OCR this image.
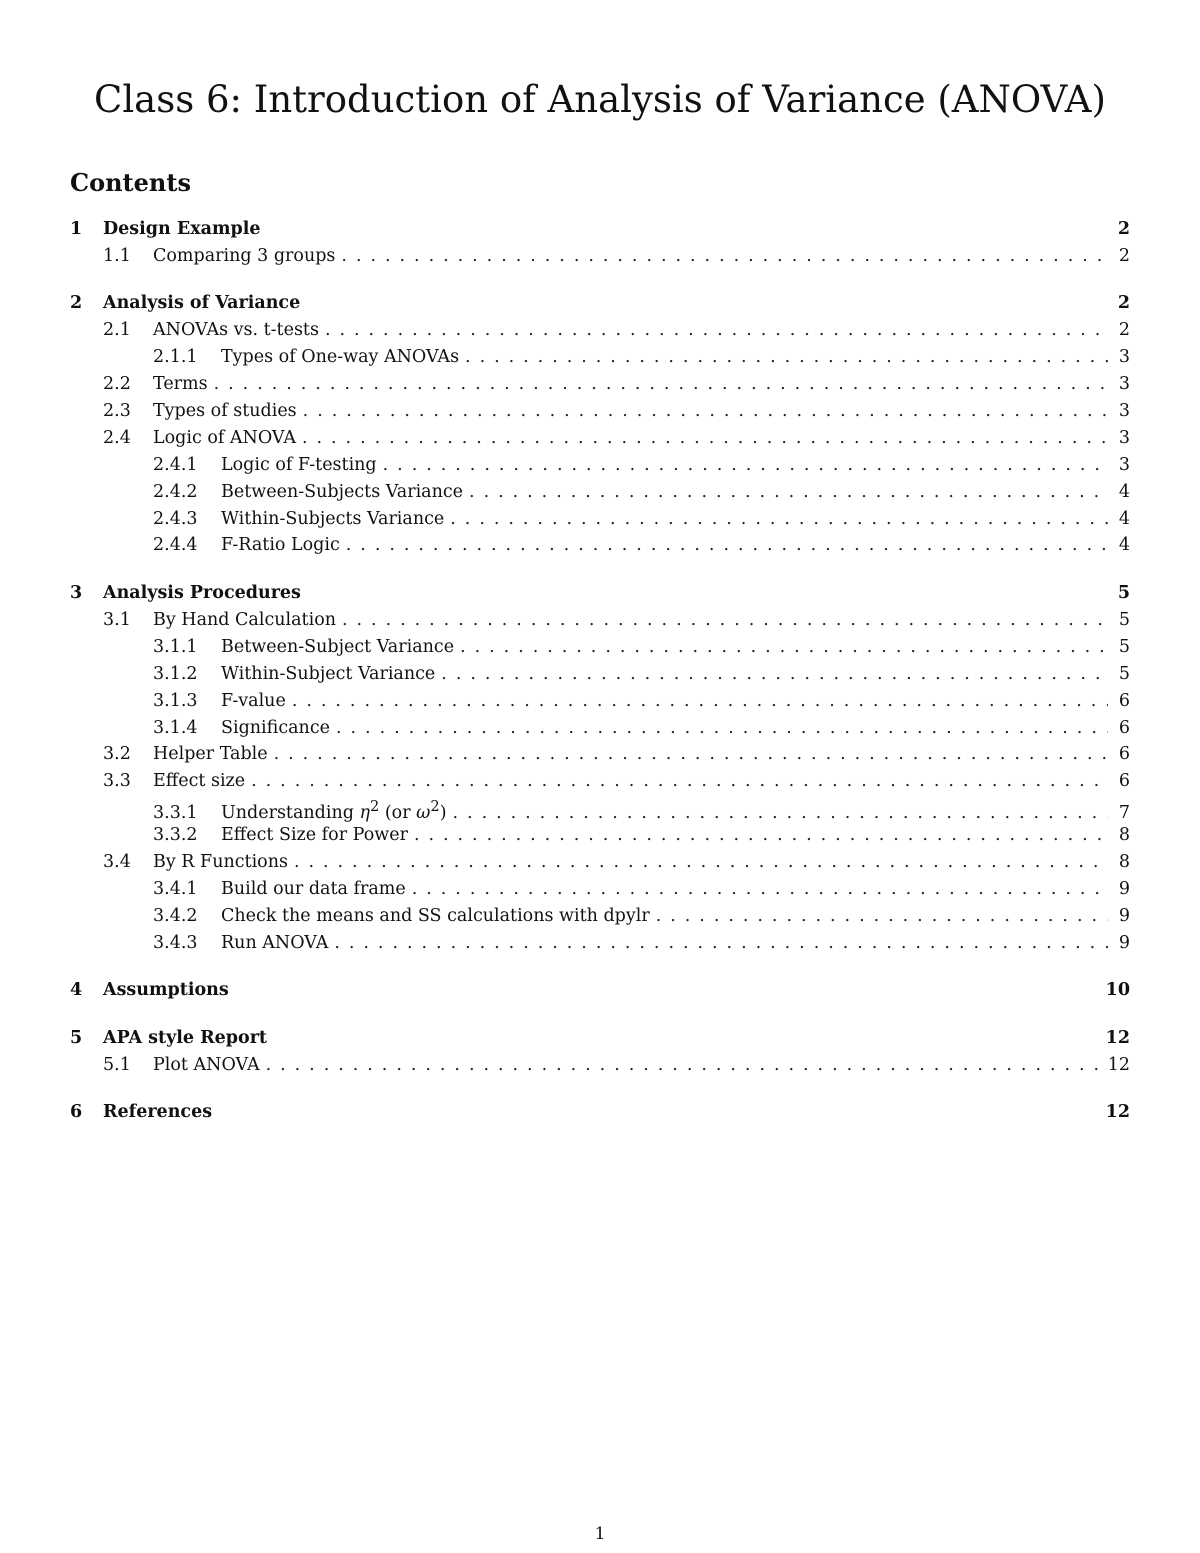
Class 6: Introduction of Analysis of Variance (ANOVA)
Contents
1	Design Example	2
1.1	Comparing 3 groups . . .	2
2	Analysis of Variance	2
2.1	ANOVAs vs. t-tests . . .	2
2.1.1	Types of One-way ANOVAs . . .	3
2.2	Terms . . .	3
2.3	Types of studies . . .	3
2.4	Logic of ANOVA . . .	3
2.4.1	Logic of F-testing . . .	3
2.4.2	Between-Subjects Variance . . .	4
2.4.3	Within-Subjects Variance . . .	4
2.4.4	F-Ratio Logic . . .	4
3	Analysis Procedures	5
3.1	By Hand Calculation . . .	5
3.1.1	Between-Subject Variance . . .	5
3.1.2	Within-Subject Variance . . .	5
3.1.3	F-value . . .	6
3.1.4	Significance . . .	6
3.2	Helper Table . . .	6
3.3	Effect size . . .	6
3.3.1	Understanding $\eta^2$ (or $\omega^2$) . . .	7
3.3.2	Effect Size for Power . . .	8
3.4	By R Functions . . .	8
3.4.1	Build our data frame . . .	9
3.4.2	Check the means and SS calculations with dpylr . . .	9
3.4.3	Run ANOVA . . .	9
4	Assumptions	10
5	APA style Report	12
5.1	Plot ANOVA . . .	12
6	References	12
1
